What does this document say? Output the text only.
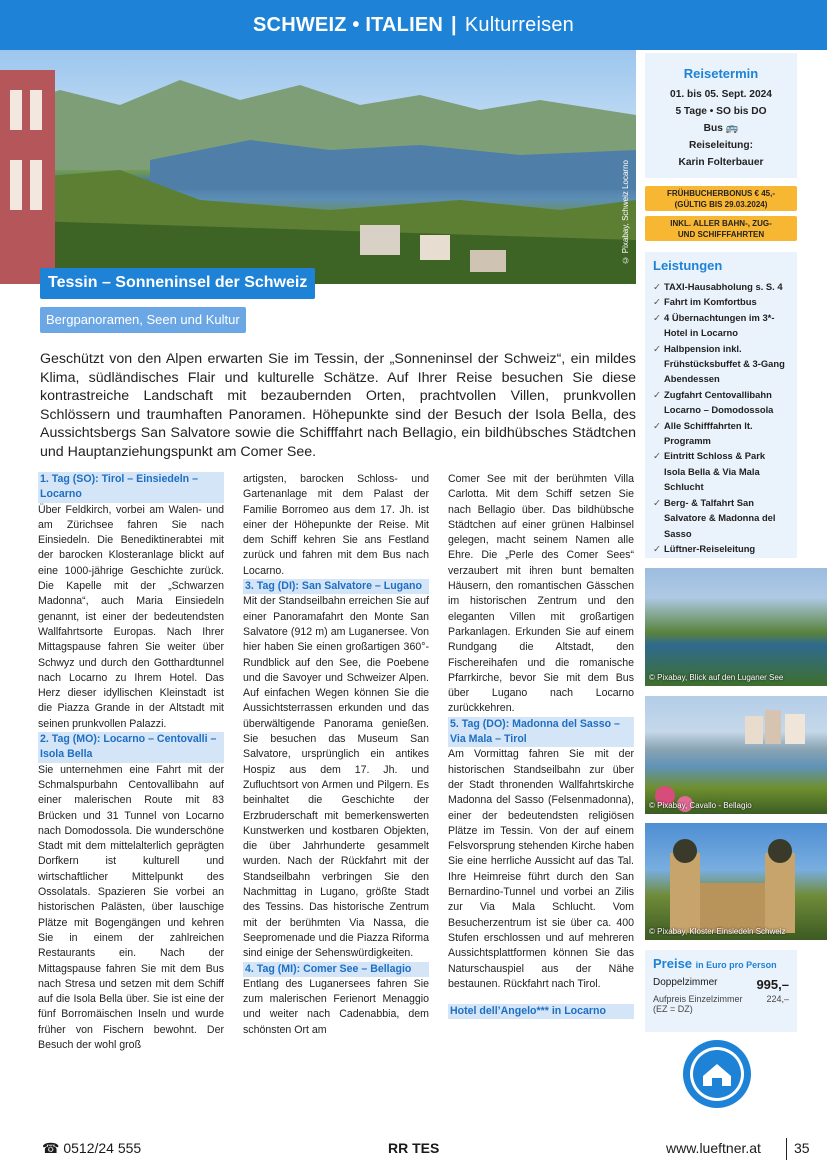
SCHWEIZ • ITALIEN | Kulturreisen
© Pixabay, Schweiz Locarno
Tessin – Sonneninsel der Schweiz
Bergpanoramen, Seen und Kultur

Geschützt von den Alpen erwarten Sie im Tessin, der „Sonneninsel der Schweiz“, ein mildes Klima, südländisches Flair und kulturelle Schätze. Auf Ihrer Reise besuchen Sie diese kontrastreiche Landschaft mit bezaubernden Orten, prachtvollen Villen, prunkvollen Schlössern und traumhaften Panoramen. Höhepunkte sind der Besuch der Isola Bella, des Aussichtsbergs San Salvatore sowie die Schifffahrt nach Bellagio, ein bildhübsches Städtchen und Hauptanziehungspunkt am Comer See.

1. Tag (SO): Tirol – Einsiedeln – Locarno
Über Feldkirch, vorbei am Walen- und am Zürichsee fahren Sie nach Einsiedeln. Die Benediktinerabtei mit der barocken Klosteranlage blickt auf eine 1000-jährige Geschichte zurück. Die Kapelle mit der „Schwarzen Madonna“, auch Maria Einsiedeln genannt, ist einer der bedeutendsten Wallfahrtsorte Europas. Nach Ihrer Mittagspause fahren Sie weiter über Schwyz und durch den Gotthardtunnel nach Locarno zu Ihrem Hotel. Das Herz dieser idyllischen Kleinstadt ist die Piazza Grande in der Altstadt mit seinen prunkvollen Palazzi.
2. Tag (MO): Locarno – Centovalli – Isola Bella
Sie unternehmen eine Fahrt mit der Schmalspurbahn Centovallibahn auf einer malerischen Route mit 83 Brücken und 31 Tunnel von Locarno nach Domodossola. Die wunderschöne Stadt mit dem mittelalterlich geprägten Dorfkern ist kulturell und wirtschaftlicher Mittelpunkt des Ossolatals. Spazieren Sie vorbei an historischen Palästen, über lauschige Plätze mit Bogengängen und kehren Sie in einem der zahlreichen Restaurants ein. Nach der Mittagspause fahren Sie mit dem Bus nach Stresa und setzen mit dem Schiff auf die Isola Bella über. Sie ist eine der fünf Borromäischen Inseln und wurde früher von Fischern bewohnt. Der Besuch der wohl groß
artigsten, barocken Schloss- und Gartenanlage mit dem Palast der Familie Borromeo aus dem 17. Jh. ist einer der Höhepunkte der Reise. Mit dem Schiff kehren Sie ans Festland zurück und fahren mit dem Bus nach Locarno.
3. Tag (DI): San Salvatore – Lugano
Mit der Standseilbahn erreichen Sie auf einer Panoramafahrt den Monte San Salvatore (912 m) am Luganersee. Von hier haben Sie einen großartigen 360°-Rundblick auf den See, die Poebene und die Savoyer und Schweizer Alpen. Auf einfachen Wegen können Sie die Aussichtsterrassen erkunden und das überwältigende Panorama genießen. Sie besuchen das Museum San Salvatore, ursprünglich ein antikes Hospiz aus dem 17. Jh. und Zufluchtsort von Armen und Pilgern. Es beinhaltet die Geschichte der Erzbruderschaft mit bemerkenswerten Kunstwerken und kostbaren Objekten, die über Jahrhunderte gesammelt wurden. Nach der Rückfahrt mit der Standseilbahn verbringen Sie den Nachmittag in Lugano, größte Stadt des Tessins. Das historische Zentrum mit der berühmten Via Nassa, die Seepromenade und die Piazza Riforma sind einige der Sehenswürdigkeiten.
4. Tag (MI): Comer See – Bellagio
Entlang des Luganersees fahren Sie zum malerischen Ferienort Menaggio und weiter nach Cadenabbia, dem schönsten Ort am
Comer See mit der berühmten Villa Carlotta. Mit dem Schiff setzen Sie nach Bellagio über. Das bildhübsche Städtchen auf einer grünen Halbinsel gelegen, macht seinem Namen alle Ehre. Die „Perle des Comer Sees“ verzaubert mit ihren bunt bemalten Häusern, den romantischen Gässchen im historischen Zentrum und den eleganten Villen mit großartigen Parkanlagen. Erkunden Sie auf einem Rundgang die Altstadt, den Fischereihafen und die romanische Pfarrkirche, bevor Sie mit dem Bus über Lugano nach Locarno zurückkehren.
5. Tag (DO): Madonna del Sasso – Via Mala – Tirol
Am Vormittag fahren Sie mit der historischen Standseilbahn zur über der Stadt thronenden Wallfahrtskirche Madonna del Sasso (Felsenmadonna), einer der bedeutendsten religiösen Plätze im Tessin. Von der auf einem Felsvorsprung stehenden Kirche haben Sie eine herrliche Aussicht auf das Tal. Ihre Heimreise führt durch den San Bernardino-Tunnel und vorbei an Zilis zur Via Mala Schlucht. Vom Besucherzentrum ist sie über ca. 400 Stufen erschlossen und auf mehreren Aussichtsplattformen können Sie das Naturschauspiel aus der Nähe bestaunen. Rückfahrt nach Tirol.
Hotel dell’Angelo*** in Locarno
Reisetermin
01. bis 05. Sept. 2024
5 Tage • SO bis DO
Bus 🚌
Reiseleitung:
Karin Folterbauer
FRÜHBUCHERBONUS € 45,-
(GÜLTIG BIS 29.03.2024)
INKL. ALLER BAHN-, ZUG-
UND SCHIFFFAHRTEN
Leistungen
✓ TAXI-Hausabholung s. S. 4
✓ Fahrt im Komfortbus
✓ 4 Übernachtungen im 3*-Hotel in Locarno
✓ Halbpension inkl. Frühstücksbuffet & 3-Gang Abendessen
✓ Zugfahrt Centovallibahn Locarno – Domodossola
✓ Alle Schifffahrten lt. Programm
✓ Eintritt Schloss & Park Isola Bella & Via Mala Schlucht
✓ Berg- & Talfahrt San Salvatore & Madonna del Sasso
✓ Lüftner-Reiseleitung
© Pixabay, Blick auf den Luganer See
© Pixabay, Cavallo - Bellagio
© Pixabay, Kloster Einsiedeln Schweiz
Preise in Euro pro Person
Doppelzimmer	995,–
Aufpreis Einzelzimmer	224,–
(EZ = DZ)
☎ 0512/24 555	RR TES	www.lueftner.at 35
